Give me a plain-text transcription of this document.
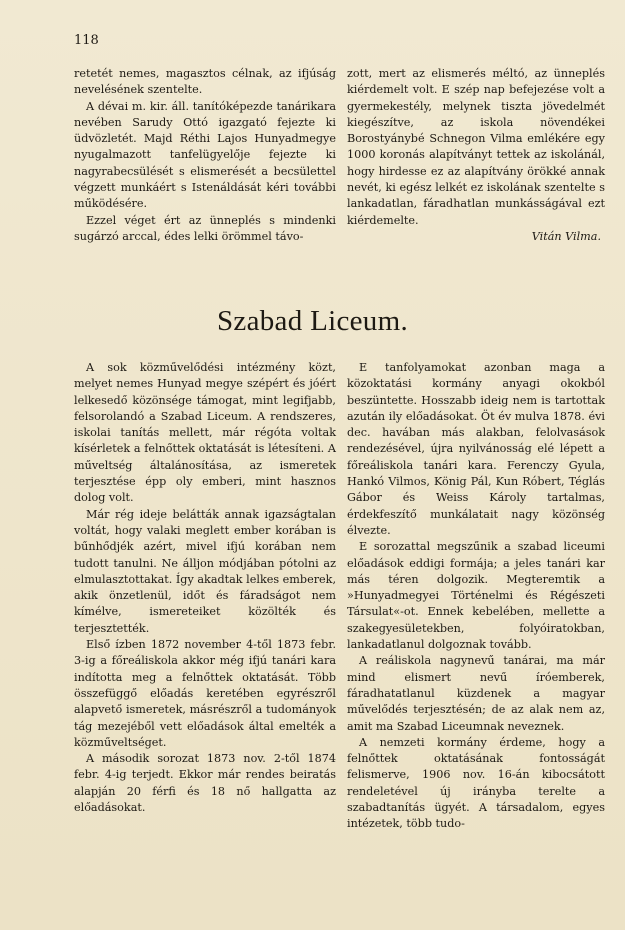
118

retetét nemes, magasztos célnak, az ifjúság nevelésének szentelte.

A dévai m. kir. áll. tanítóképezde tanárikara nevében Sarudy Ottó igazgató fejezte ki üdvözletét. Majd Réthi Lajos Hunyadmegye nyugalmazott tanfelügyelője fejezte ki nagyrabecsülését s elismerését a becsülettel végzett munkáért s Istenáldását kéri további működésére.

Ezzel véget ért az ünneplés s mindenki sugárzó arccal, édes lelki örömmel távo-

zott, mert az elismerés méltó, az ünneplés kiérdemelt volt. E szép nap befejezése volt a gyermekestély, melynek tiszta jövedelmét kiegészítve, az iskola növendékei Borostyánybé Schnegon Vilma emlékére egy 1000 koronás alapítványt tettek az iskolánál, hogy hirdesse ez az alapítvány örökké annak nevét, ki egész lelkét ez iskolának szentelte s lankadatlan, fáradhatlan munkásságával ezt kiérdemelte.

Vitán Vilma.

Szabad Liceum.

A sok közművelődési intézmény közt, melyet nemes Hunyad megye szépért és jóért lelkesedő közönsége támogat, mint legifjabb, felsorolandó a Szabad Liceum. A rendszeres, iskolai tanítás mellett, már régóta voltak kísérletek a felnőttek oktatását is létesíteni. A műveltség általánosítása, az ismeretek terjesztése épp oly emberi, mint hasznos dolog volt.

Már rég ideje belátták annak igazságtalan voltát, hogy valaki meglett ember korában is bűnhődjék azért, mivel ifjú korában nem tudott tanulni. Ne álljon módjában pótolni az elmulasztottakat. Így akadtak lelkes emberek, akik önzetlenül, időt és fáradságot nem kímélve, ismereteiket közölték és terjesztették.

Első ízben 1872 november 4-től 1873 febr. 3-ig a főreáliskola akkor még ifjú tanári kara indította meg a felnőttek oktatását. Több összefüggő előadás keretében egyrészről alapvető ismeretek, másrészről a tudományok tág mezejéből vett előadások által emelték a közműveltséget.

A második sorozat 1873 nov. 2-től 1874 febr. 4-ig terjedt. Ekkor már rendes beiratás alapján 20 férfi és 18 nő hallgatta az előadásokat.

E tanfolyamokat azonban maga a közoktatási kormány anyagi okokból beszüntette. Hosszabb ideig nem is tartottak azután ily előadásokat. Öt év mulva 1878. évi dec. havában más alakban, felolvasások rendezésével, újra nyilvánosság elé lépett a főreáliskola tanári kara. Ferenczy Gyula, Hankó Vilmos, König Pál, Kun Róbert, Téglás Gábor és Weiss Károly tartalmas, érdekfeszítő munkálatait nagy közönség élvezte.

E sorozattal megszűnik a szabad liceumi előadások eddigi formája; a jeles tanári kar más téren dolgozik. Megteremtik a »Hunyadmegyei Történelmi és Régészeti Társulat«-ot. Ennek kebelében, mellette a szakegyesületekben, folyóiratokban, lankadatlanul dolgoznak tovább.

A reáliskola nagynevű tanárai, ma már mind elismert nevű íróemberek, fáradhatatlanul küzdenek a magyar művelődés terjesztésén; de az alak nem az, amit ma Szabad Liceumnak neveznek.

A nemzeti kormány érdeme, hogy a felnőttek oktatásának fontosságát felismerve, 1906 nov. 16-án kibocsátott rendeletével új irányba terelte a szabadtanítás ügyét. A társadalom, egyes intézetek, több tudo-
